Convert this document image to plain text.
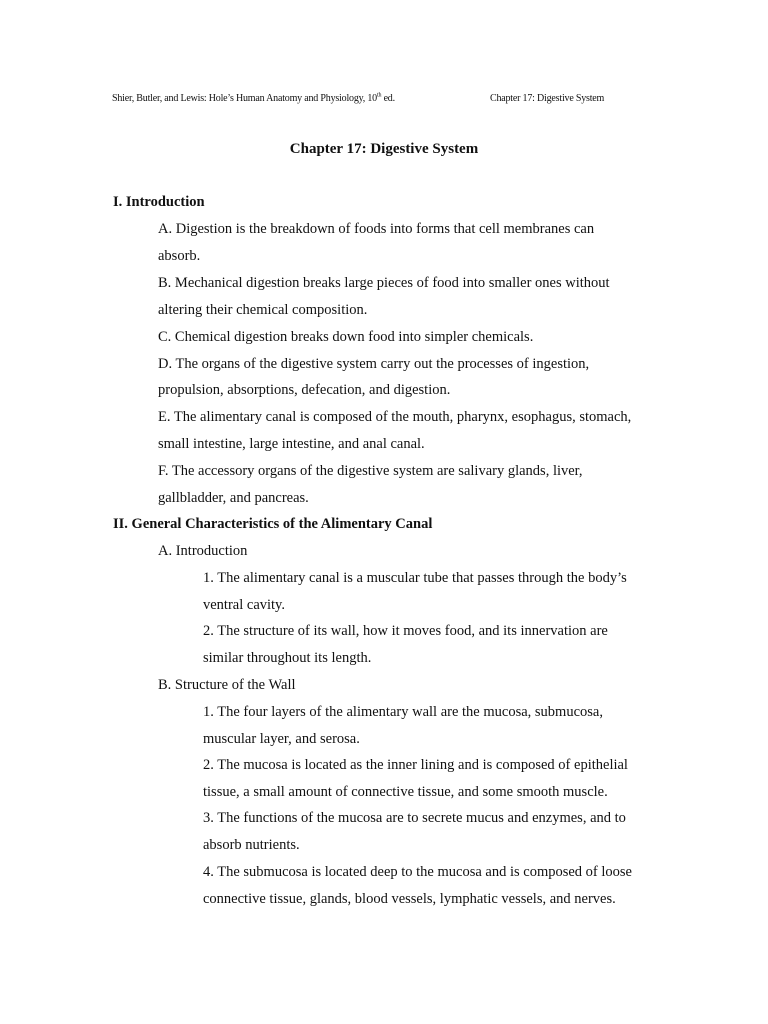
Shier, Butler, and Lewis: Hole’s Human Anatomy and Physiology, 10th ed.	Chapter 17: Digestive System
Chapter 17: Digestive System
I. Introduction
A. Digestion is the breakdown of foods into forms that cell membranes can
absorb.
B. Mechanical digestion breaks large pieces of food into smaller ones without
altering their chemical composition.
C. Chemical digestion breaks down food into simpler chemicals.
D. The organs of the digestive system carry out the processes of ingestion,
propulsion, absorptions, defecation, and digestion.
E. The alimentary canal is composed of the mouth, pharynx, esophagus, stomach,
small intestine, large intestine, and anal canal.
F. The accessory organs of the digestive system are salivary glands, liver,
gallbladder, and pancreas.
II. General Characteristics of the Alimentary Canal
A. Introduction
1. The alimentary canal is a muscular tube that passes through the body’s
ventral cavity.
2. The structure of its wall, how it moves food, and its innervation are
similar throughout its length.
B. Structure of the Wall
1. The four layers of the alimentary wall are the mucosa, submucosa,
muscular layer, and serosa.
2. The mucosa is located as the inner lining and is composed of epithelial
tissue, a small amount of connective tissue, and some smooth muscle.
3. The functions of the mucosa are to secrete mucus and enzymes, and to
absorb nutrients.
4. The submucosa is located deep to the mucosa and is composed of loose
connective tissue, glands, blood vessels, lymphatic vessels, and nerves.
